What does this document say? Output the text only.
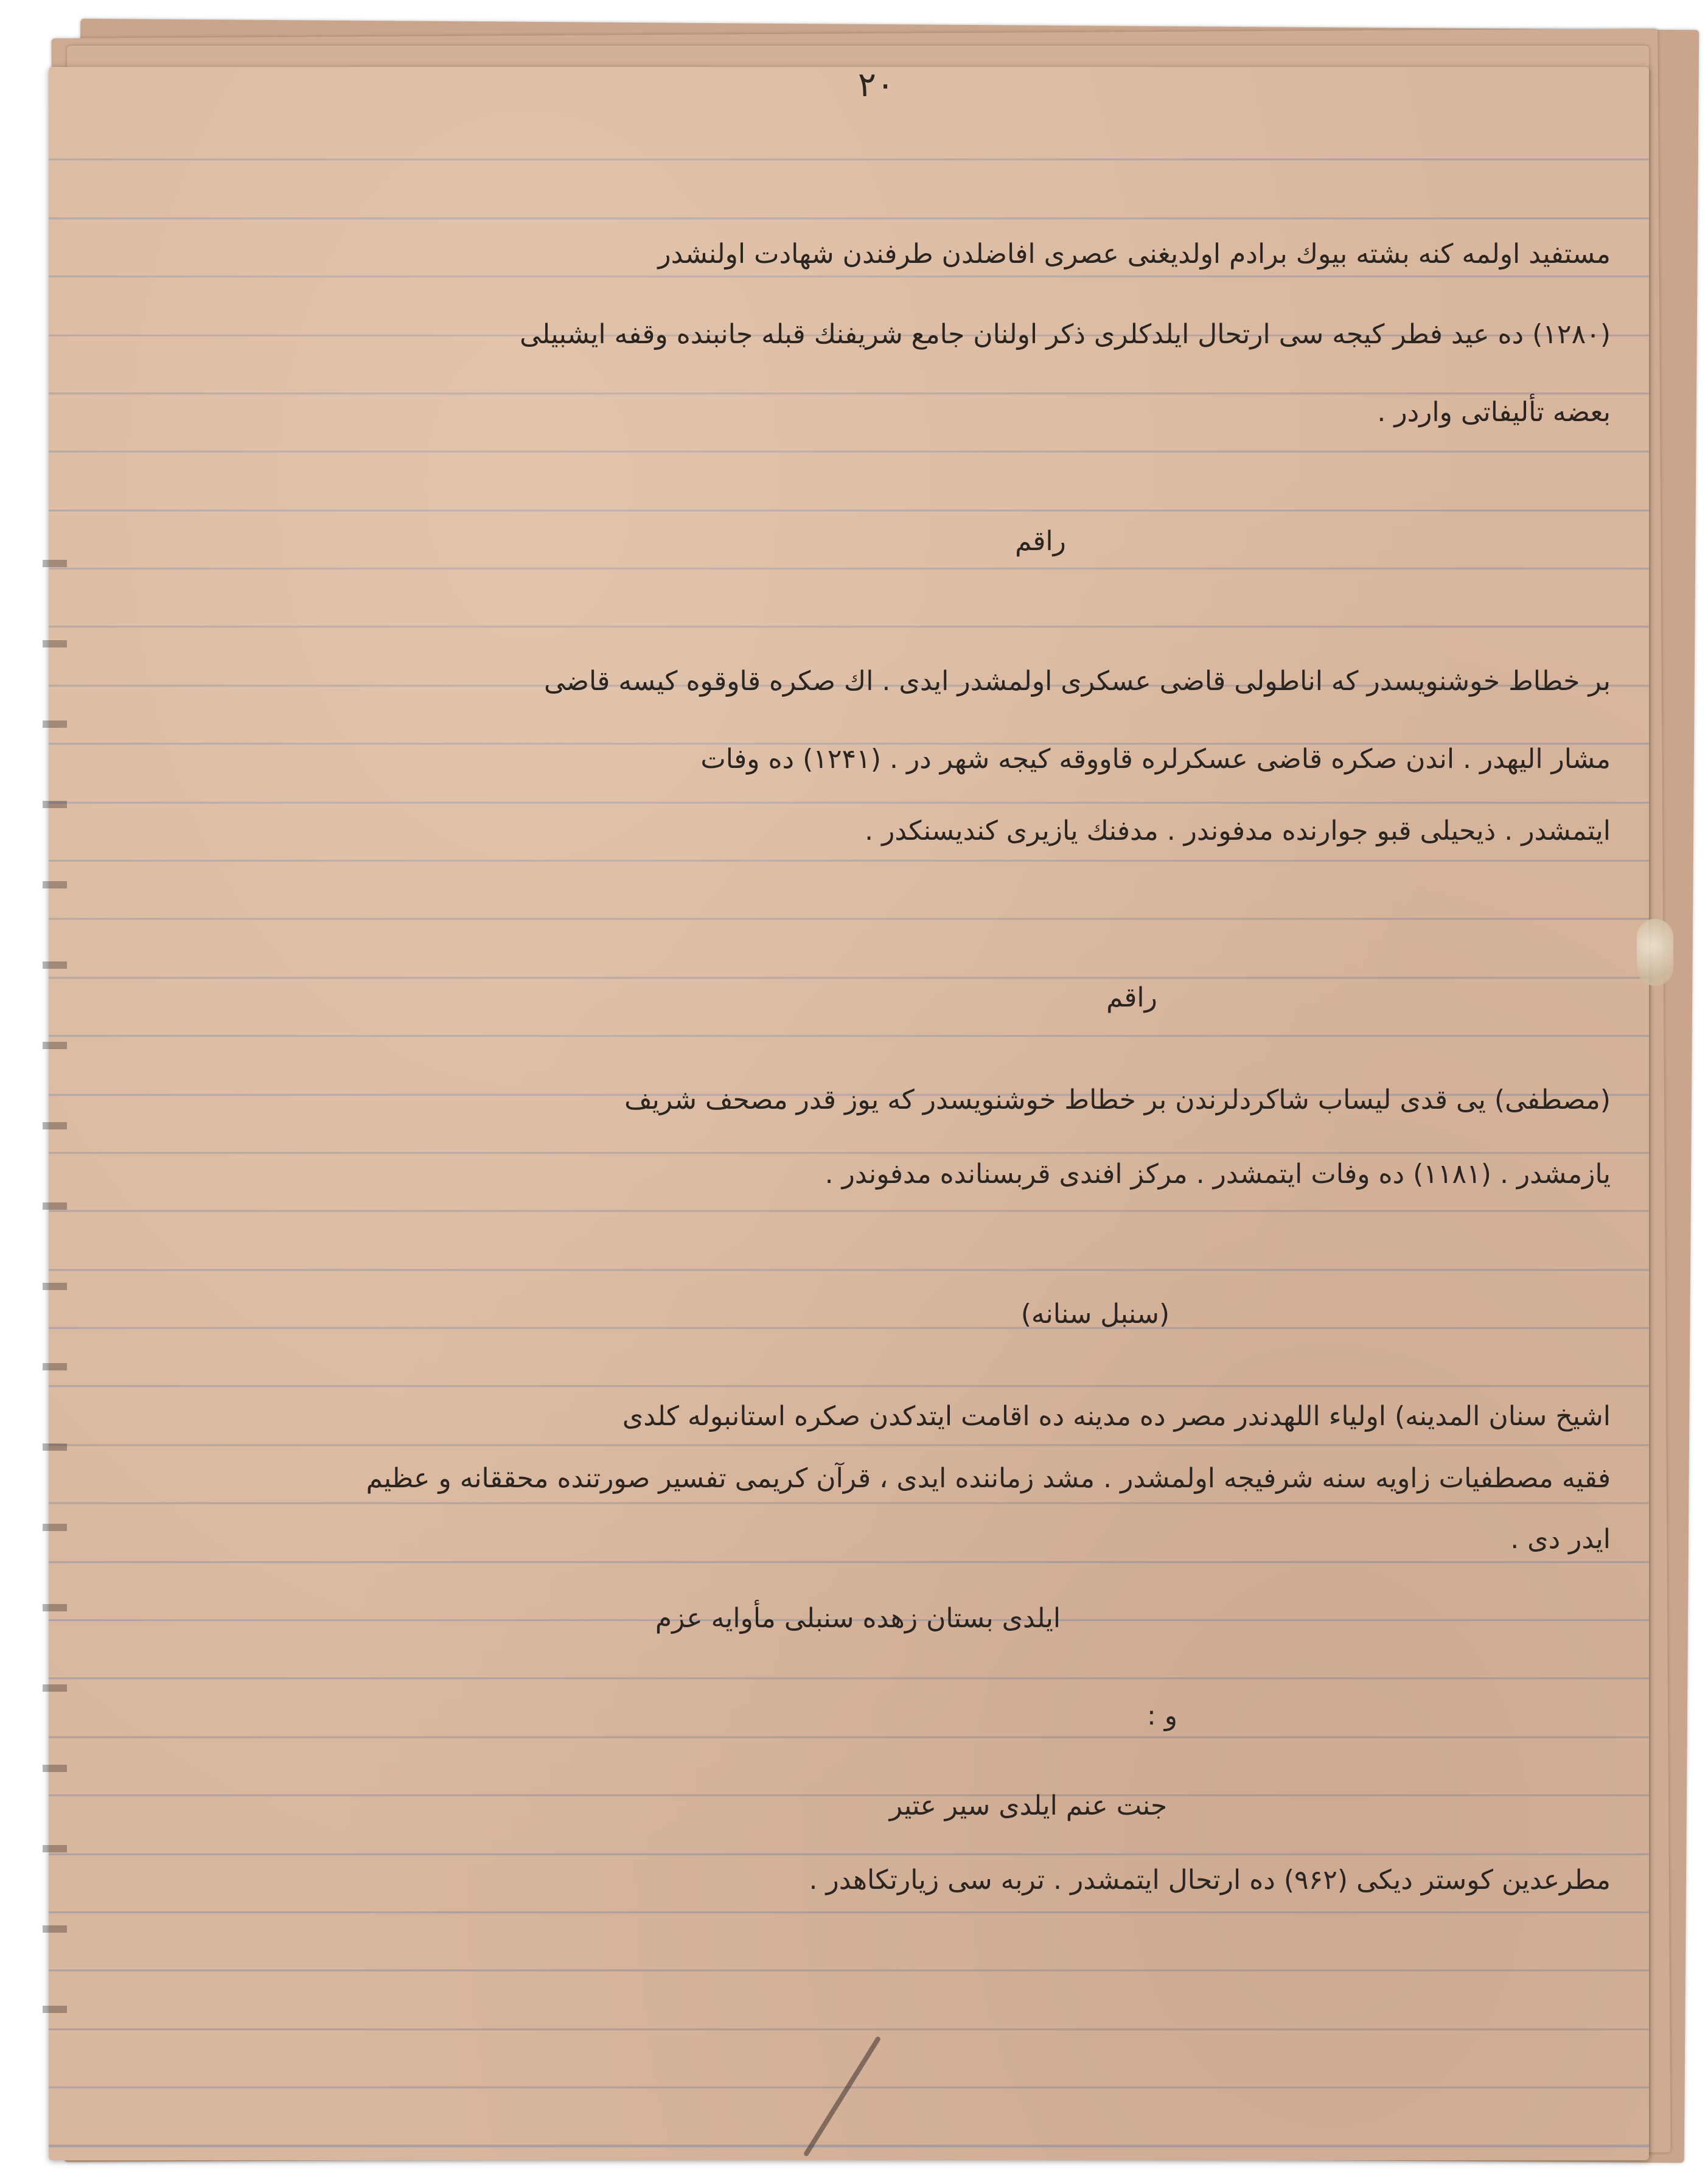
۲۰
مستفید اولمه کنه بشته بیوك برادم اولدیغنی عصری افاضلدن طرفندن شهادت اولنشدر
(۱۲۸۰) ده عید فطر کیجه سی ارتحال ایلدکلری ذکر اولنان جامع شریفنك قبله جانبنده وقفه ایشبیلی
بعضه تألیفاتی واردر .
راقم
بر خطاط خوشنویسدر که اناطولی قاضی عسکری اولمشدر ایدی . اك صکره قاوقوه کیسه قاضی
مشار الیهدر . اندن صکره قاضی عسکرلره قاووقه کیجه شهر در . (۱۲۴۱) ده وفات
ایتمشدر . ذیحیلی قبو جوارنده مدفوندر . مدفنك یازیری کندیسنکدر .
راقم
(مصطفی) یی قدی لیساب شاکردلرندن بر خطاط خوشنویسدر که یوز قدر مصحف شریف
یازمشدر . (۱۱۸۱) ده وفات ایتمشدر . مرکز افندی قربسنانده مدفوندر .
(سنبل سنانه)
اشیخ سنان المدینه) اولیاء اللهدندر مصر ده مدینه ده اقامت ایتدکدن صکره استانبوله کلدی
فقیه مصطفیات زاویه سنه شرفیجه اولمشدر . مشد زماننده ایدی ، قرآن کریمی تفسیر صورتنده محققانه و عظیم
ایدر دی .
ایلدی بستان زهده سنبلی مأوایه عزم
و :
جنت عنم ایلدی سیر عتیر
مطرعدین کوستر دیکی (۹۶۲) ده ارتحال ایتمشدر . تربه سی زیارتکاهدر .
